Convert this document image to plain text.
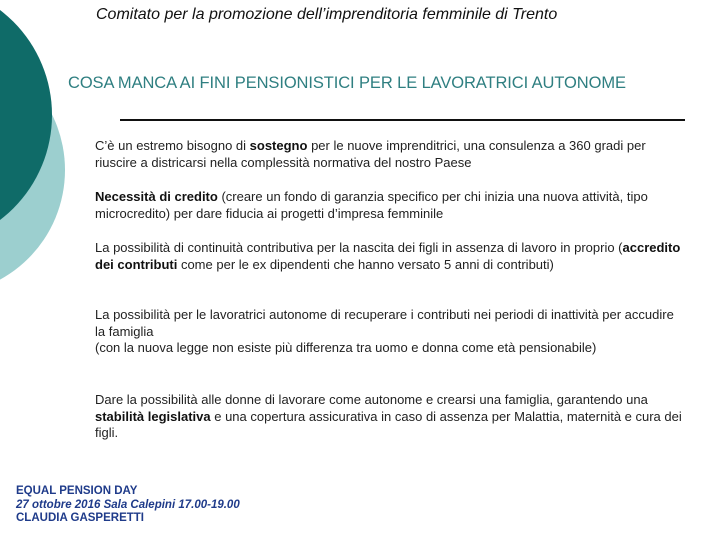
Comitato per la promozione dell’imprenditoria femminile di Trento
COSA MANCA AI FINI PENSIONISTICI PER LE LAVORATRICI AUTONOME
C’è un estremo bisogno di sostegno per le nuove imprenditrici, una consulenza a 360 gradi per riuscire a districarsi nella complessità normativa del nostro Paese
Necessità di credito (creare un fondo di garanzia specifico per chi inizia una nuova attività, tipo microcredito) per dare fiducia ai progetti d’impresa femminile
La possibilità di continuità contributiva per la nascita dei figli in assenza di lavoro in proprio (accredito dei contributi come per le ex dipendenti che hanno versato 5 anni di contributi)
La possibilità per le lavoratrici autonome di recuperare i contributi nei periodi di inattività per accudire la famiglia
(con la nuova legge non esiste più differenza tra uomo e donna come età pensionabile)
Dare la possibilità alle donne di lavorare come autonome e crearsi una famiglia, garantendo una stabilità legislativa e una copertura assicurativa in caso di assenza per Malattia, maternità e cura dei figli.
EQUAL PENSION DAY
27 ottobre 2016 Sala Calepini 17.00-19.00
CLAUDIA GASPERETTI
